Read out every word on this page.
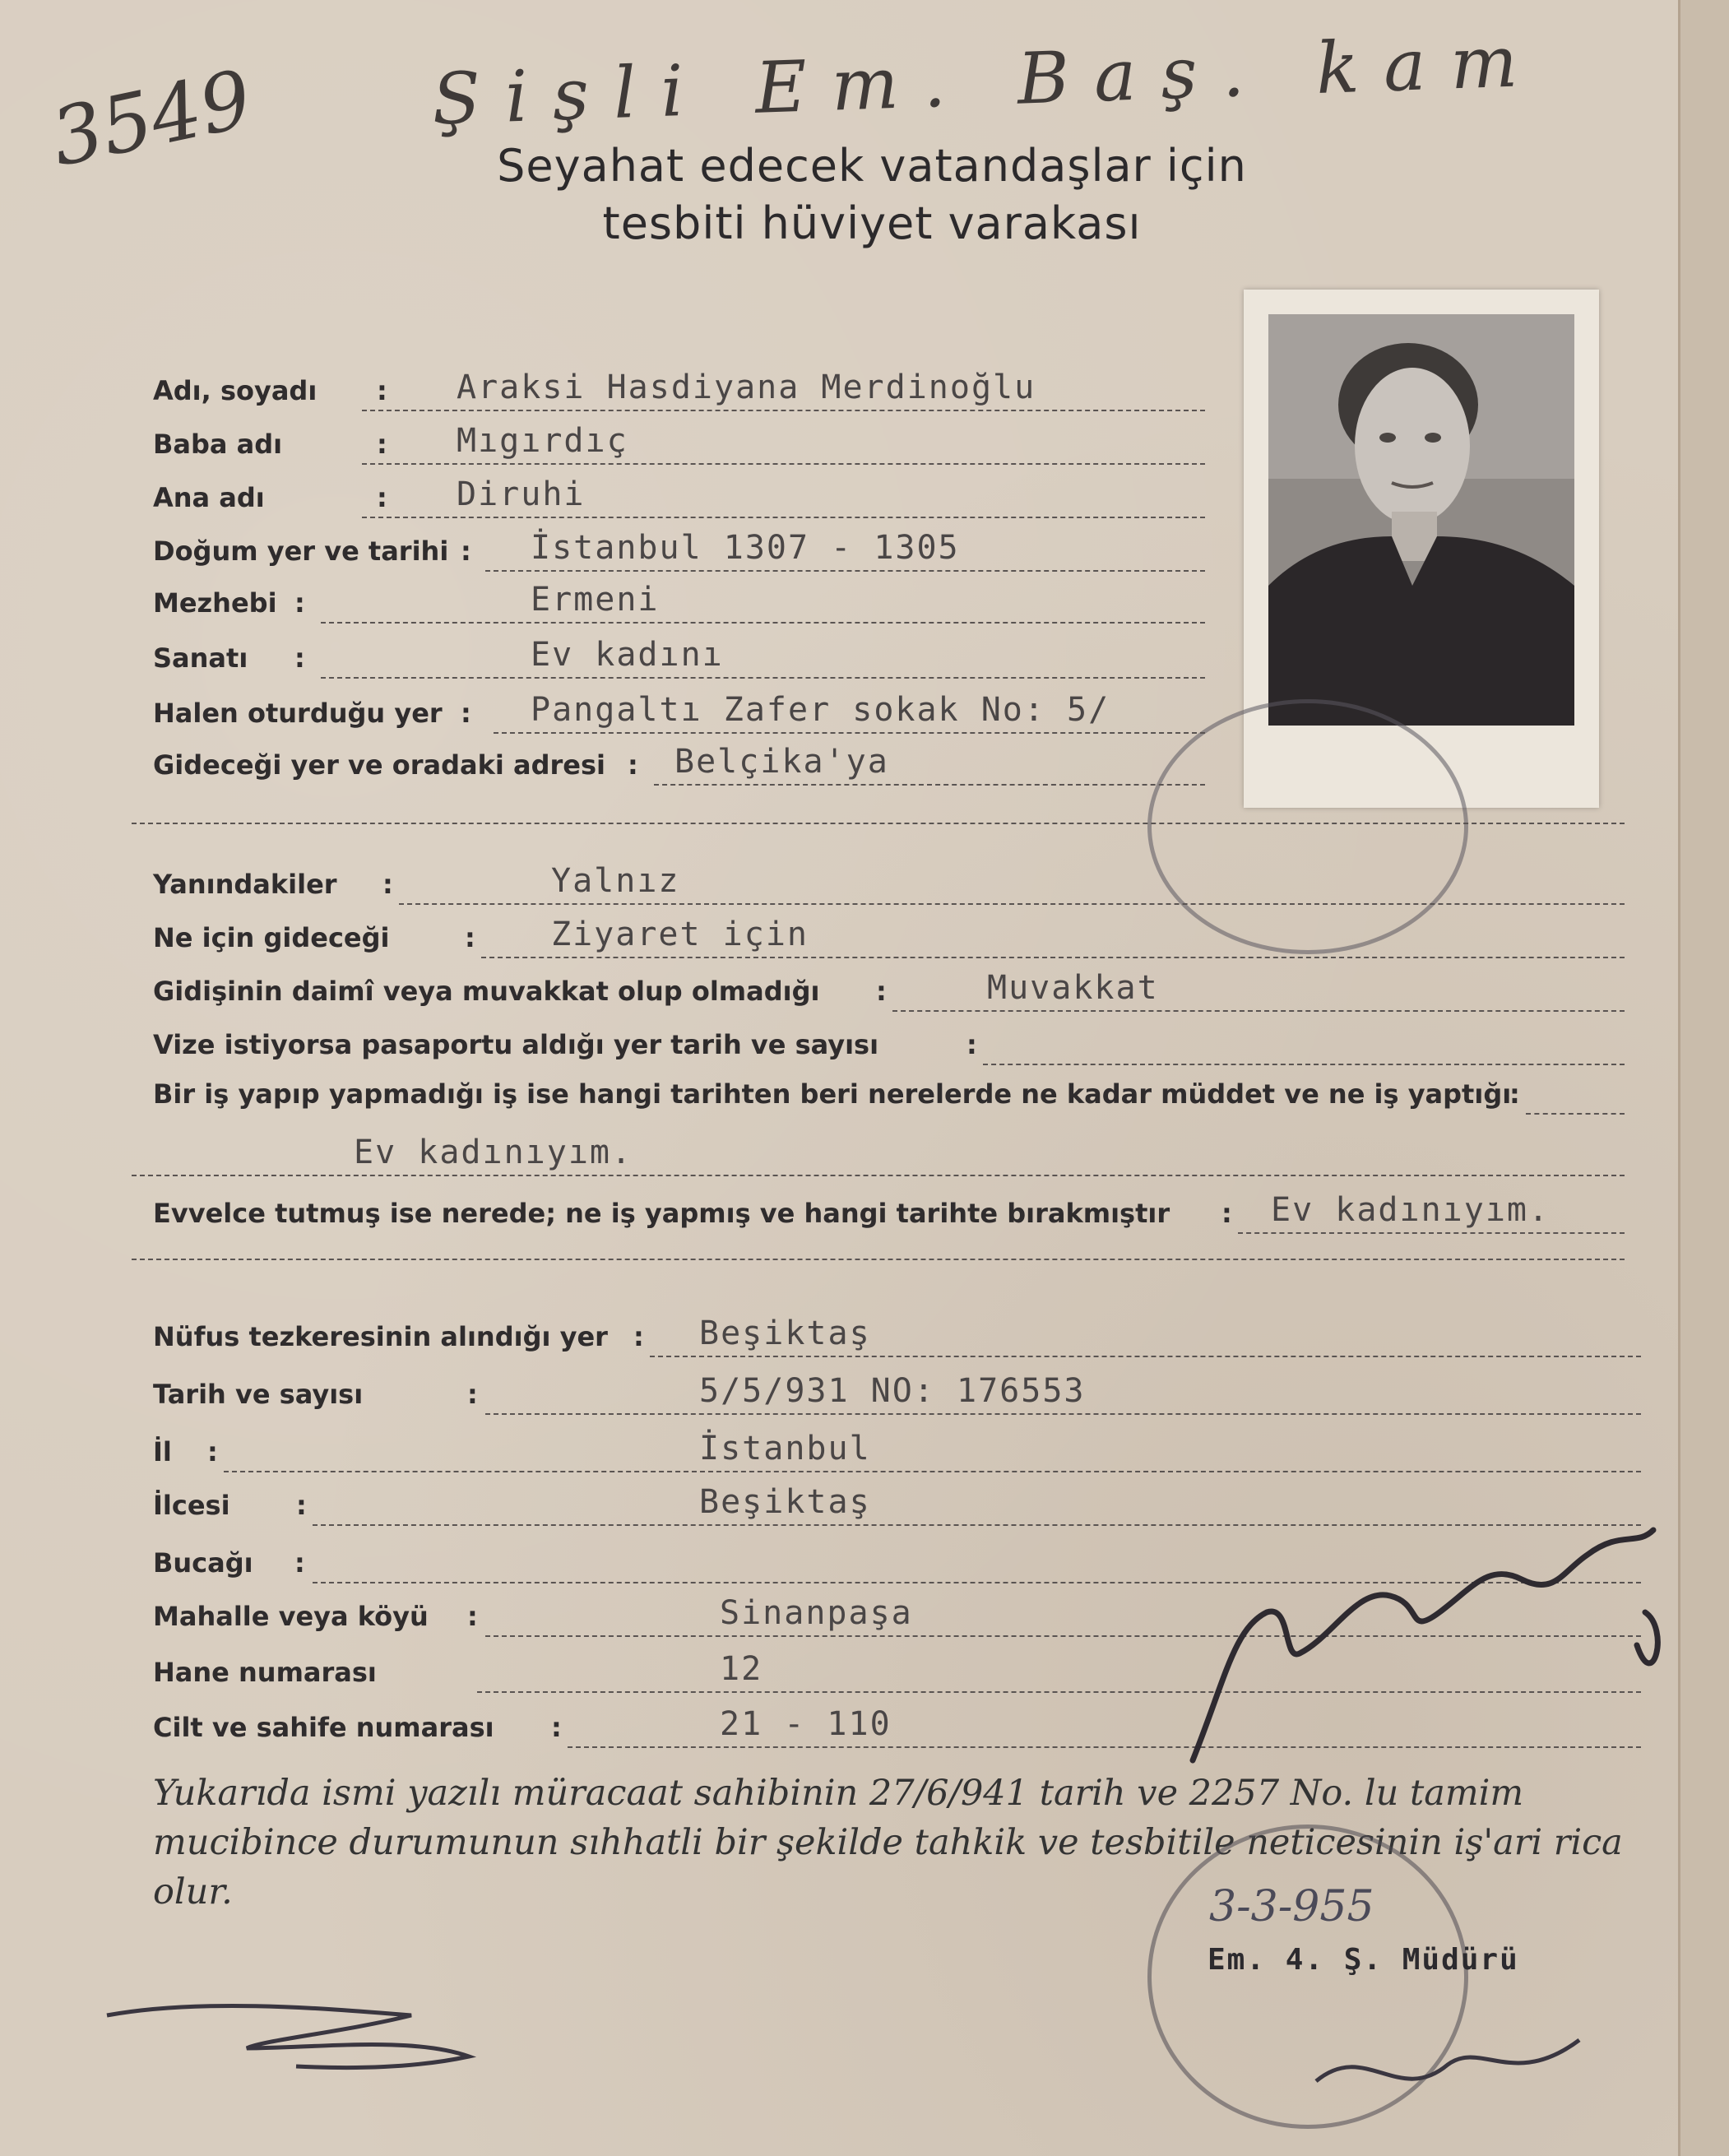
Şişli Em. Baş. kam
3549	Seyahat edecek vatandaşlar için
tesbiti hüviyet varakası
Adı, soyadı : Araksi Hasdiyana Merdinoğlu
Baba adı	: Mıgırdıç
Ana adı	: Diruhi
Doğum yer ve tarihi : İstanbul 1307 - 1305
Mezhebi :	Ermeni
Sanatı :	Ev kadını
Halen oturduğu yer : Pangaltı Zafer sokak No: 5/
Gideceği yer ve oradaki adresi : Belçika'ya
Yanındakiler :	Yalnız
Ne için gideceği	: Ziyaret için
Gidişinin daimî veya muvakkat olup olmadığı :	Muvakkat
Vize istiyorsa pasaportu aldığı yer tarih ve sayısı	:
Bir iş yapıp yapmadığı iş ise hangi tarihten beri nerelerde ne kadar müddet ve ne iş yaptığı
:
Ev kadınıyım.
Evvelce tutmuş ise nerede; ne iş yapmış ve hangi tarihte bırakmıştır : Ev kadınıyım.
Nüfus tezkeresinin alındığı yer : Beşiktaş
Tarih ve sayısı	:	5/5/931 NO: 176553
İl :	İstanbul
İlcesi	:	Beşiktaş
Bucağı :
Mahalle veya köyü :	Sinanpaşa
Hane numarası	12
Cilt ve sahife numarası :	21 - 110
Yukarıda ismi yazılı müracaat sahibinin 27/6/941 tarih ve 2257 No. lu tamim mucibince durumunun sıhhatli bir şekilde tahkik ve tesbitile neticesinin iş'ari rica olur.	3-3-955
Em. 4. Ş. Müdürü
